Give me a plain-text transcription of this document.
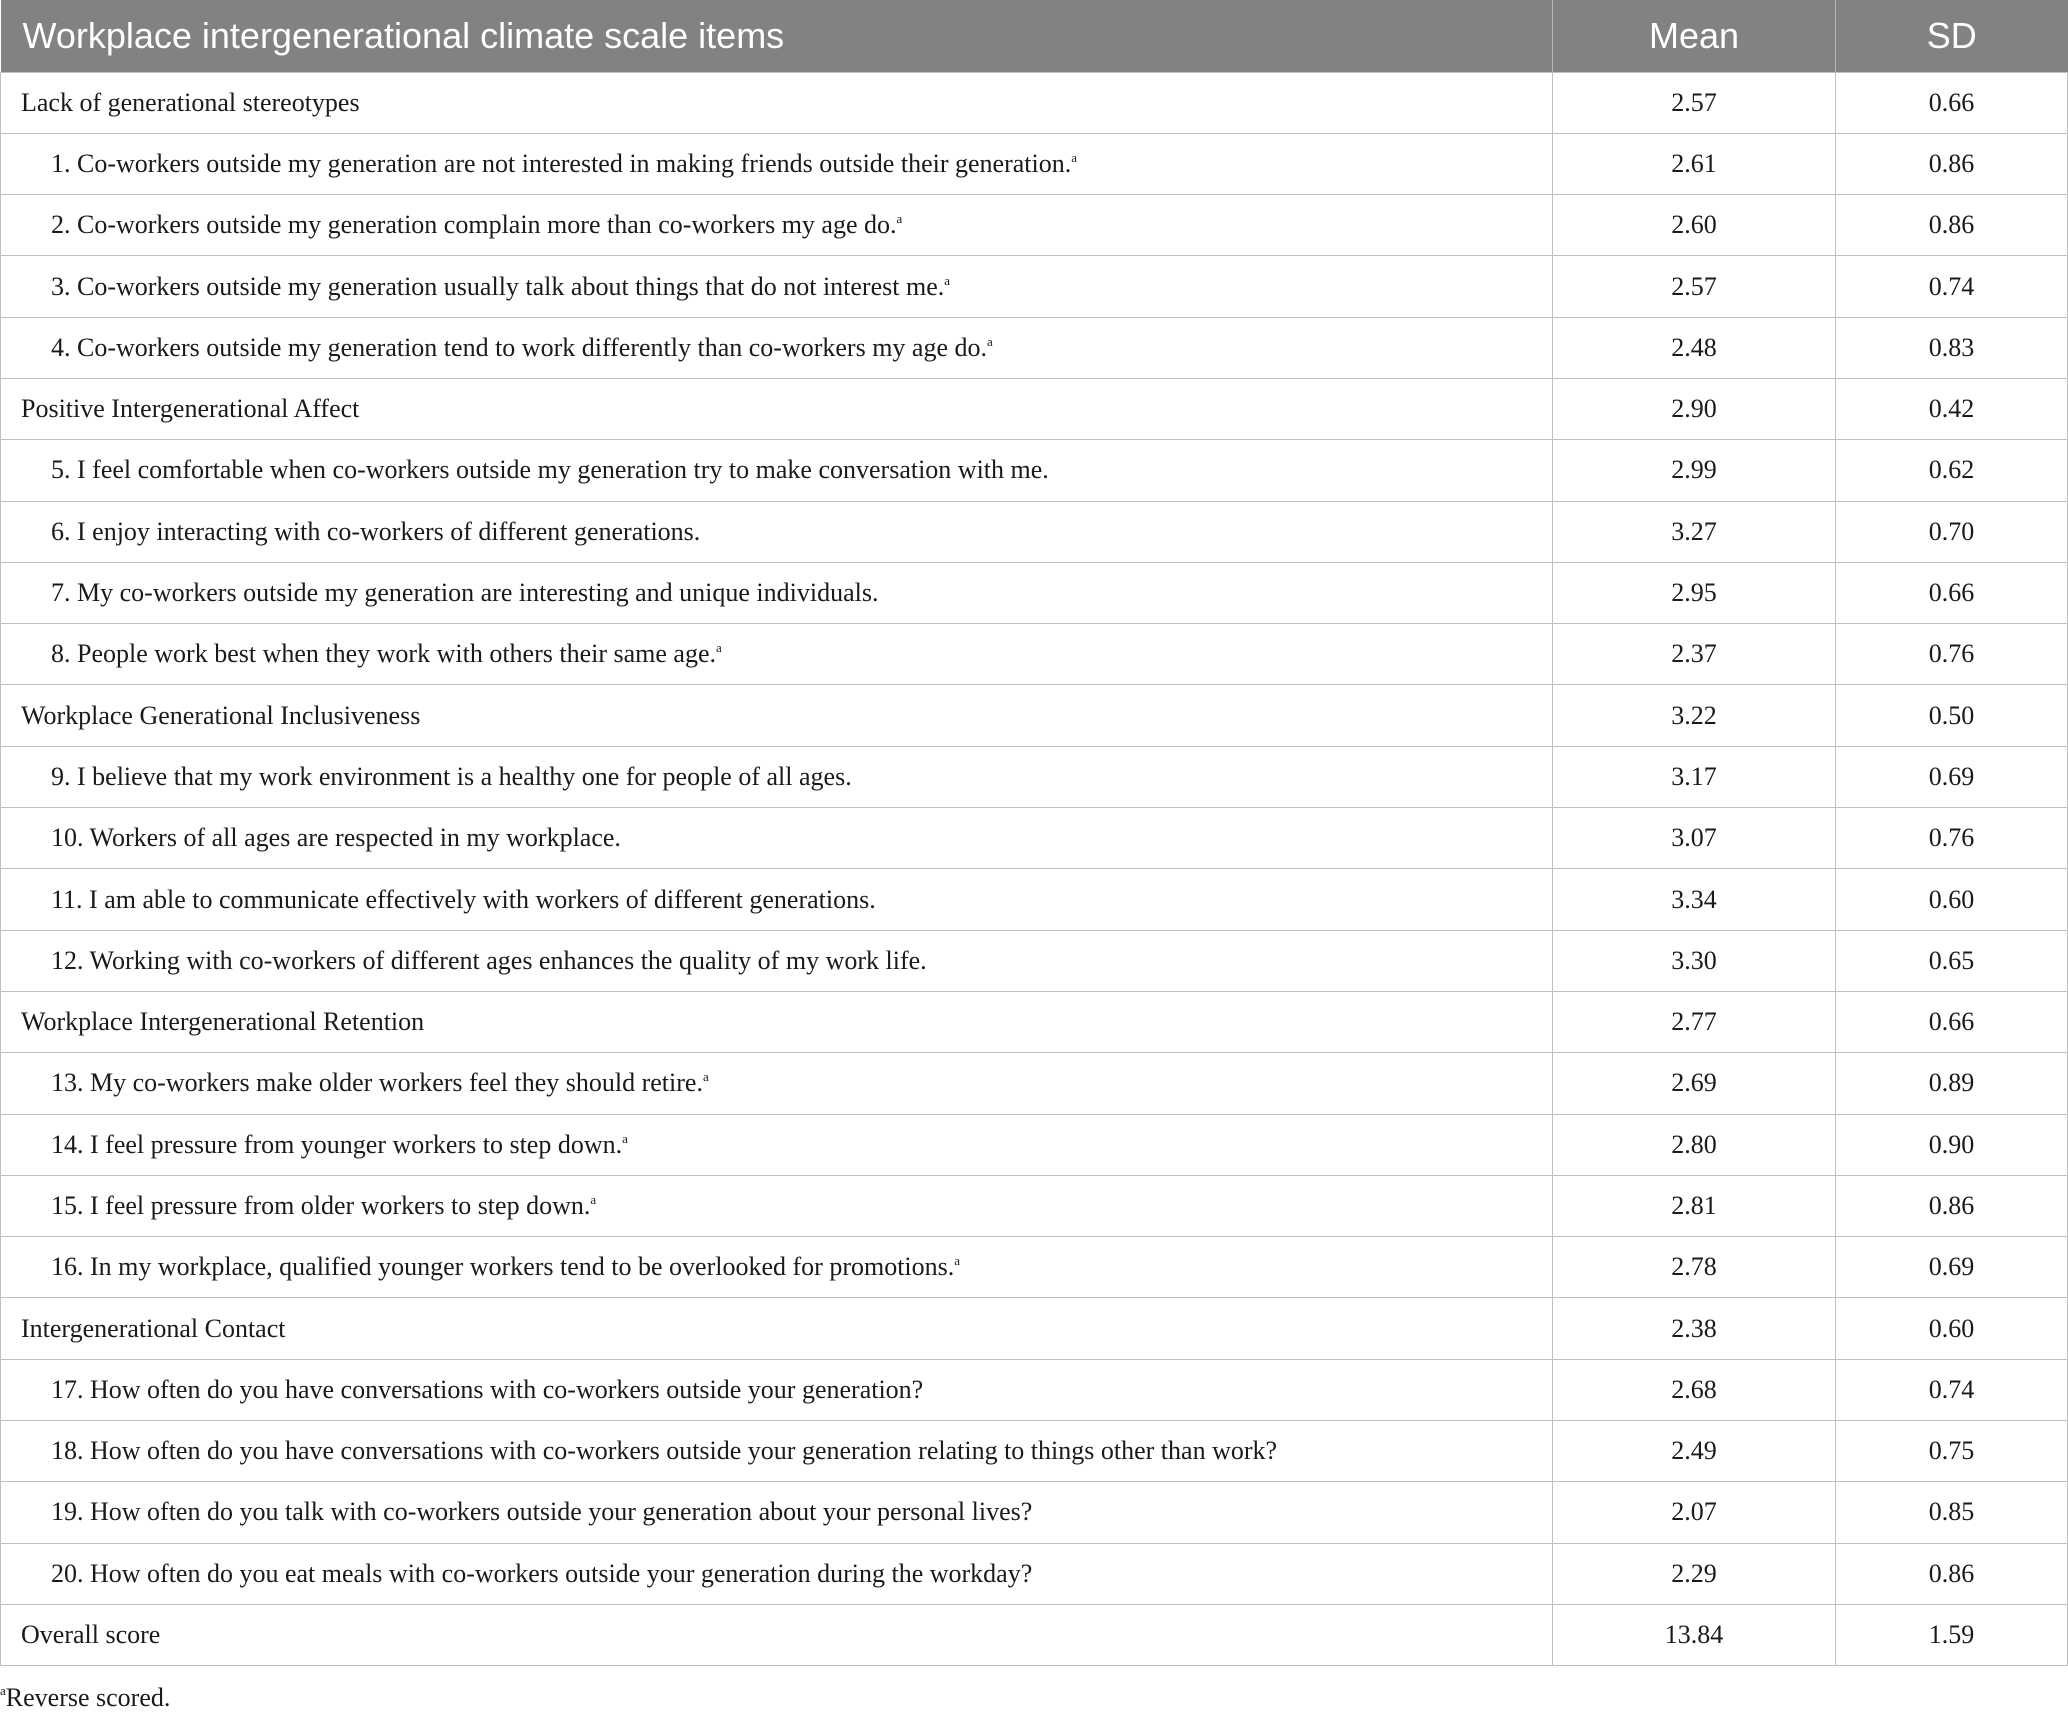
Workplace intergenerational climate scale items	Mean	SD
Lack of generational stereotypes	2.57	0.66
1. Co-workers outside my generation are not interested in making friends outside their generation.$^a$	2.61	0.86
2. Co-workers outside my generation complain more than co-workers my age do.$^a$	2.60	0.86
3. Co-workers outside my generation usually talk about things that do not interest me.$^a$	2.57	0.74
4. Co-workers outside my generation tend to work differently than co-workers my age do.$^a$	2.48	0.83
Positive Intergenerational Affect	2.90	0.42
5. I feel comfortable when co-workers outside my generation try to make conversation with me.	2.99	0.62
6. I enjoy interacting with co-workers of different generations.	3.27	0.70
7. My co-workers outside my generation are interesting and unique individuals.	2.95	0.66
8. People work best when they work with others their same age.$^a$	2.37	0.76
Workplace Generational Inclusiveness	3.22	0.50
9. I believe that my work environment is a healthy one for people of all ages.	3.17	0.69
10. Workers of all ages are respected in my workplace.	3.07	0.76
11. I am able to communicate effectively with workers of different generations.	3.34	0.60
12. Working with co-workers of different ages enhances the quality of my work life.	3.30	0.65
Workplace Intergenerational Retention	2.77	0.66
13. My co-workers make older workers feel they should retire.$^a$	2.69	0.89
14. I feel pressure from younger workers to step down.$^a$	2.80	0.90
15. I feel pressure from older workers to step down.$^a$	2.81	0.86
16. In my workplace, qualified younger workers tend to be overlooked for promotions.$^a$	2.78	0.69
Intergenerational Contact	2.38	0.60
17. How often do you have conversations with co-workers outside your generation?	2.68	0.74
18. How often do you have conversations with co-workers outside your generation relating to things other than work?	2.49	0.75
19. How often do you talk with co-workers outside your generation about your personal lives?	2.07	0.85
20. How often do you eat meals with co-workers outside your generation during the workday?	2.29	0.86
Overall score	13.84	1.59
$^a$Reverse scored.
